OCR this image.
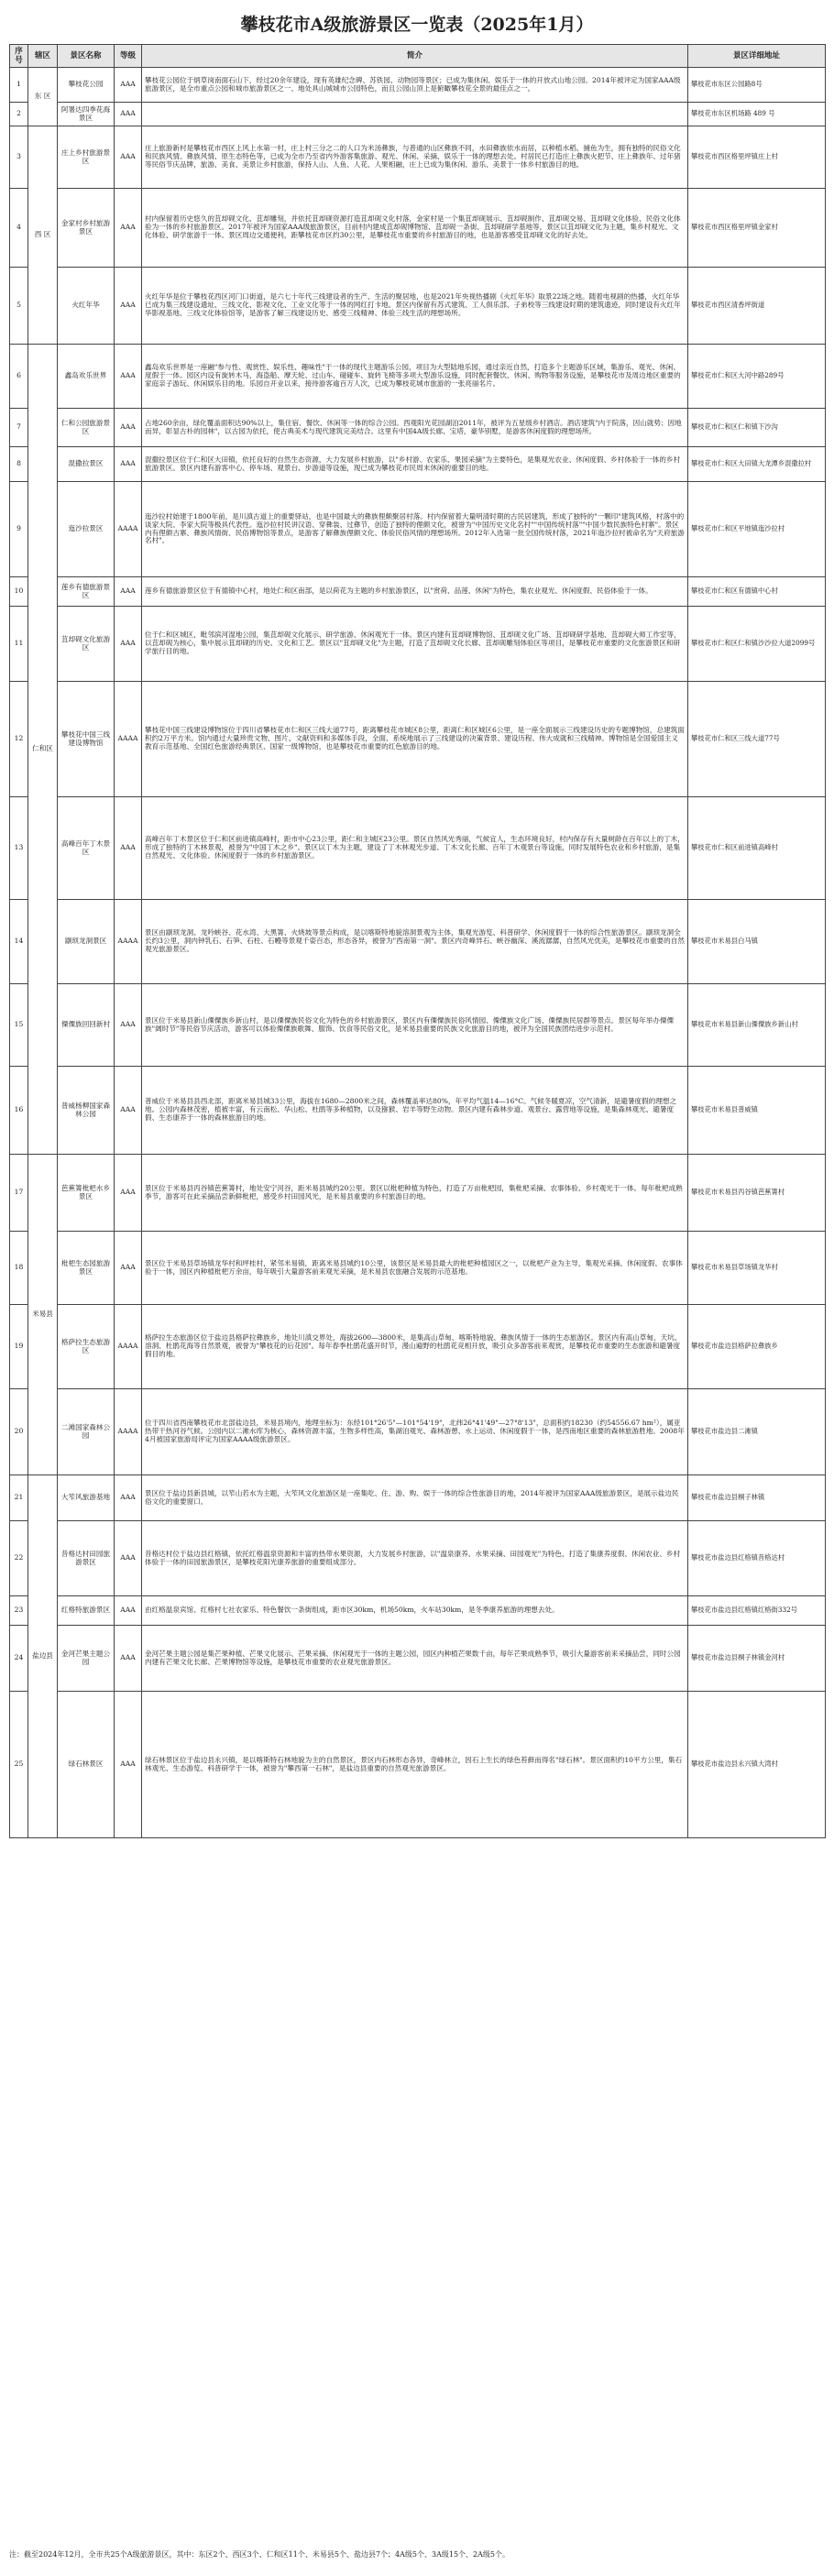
攀枝花市A级旅游景区一览表（2025年1月）
序号	辖区	景区名称	等级	简介	景区详细地址
1	东 区	攀枝花公园	AAA	攀枝花公园位于炳草岗南面石山下，经过20余年建设，现有英雄纪念碑、苏铁园、动物园等景区；已成为集休闲、娱乐于一体的开放式山地公园。2014年被评定为国家AAA级旅游景区，是全市重点公园和城市旅游景区之一、地处具山城城市公园特色，而且公园山顶上是俯瞰攀枝花全景的最佳点之一。	攀枝花市东区公园路8号
2		阿署达四季花海景区	AAA		攀枝花市东区机场路 489 号
3	西 区	庄上乡村旅游景区	AAA	庄上旅游新村是攀枝花市西区上风上水第一村，庄上村三分之二的人口为米汤彝族，与普通的山区彝族不同，水田彝族依水而居，以种植水稻、捕鱼为生，拥有独特的民俗文化和民族风情。彝族风情、原生态特色等，已成为全市乃至省内外游客集旅游、观光、休闲、采摘、娱乐于一体的理想去处。村居民已打造庄上彝族火把节、庄上彝族年、过年猪等民俗节庆品牌，旅游、美食、美景让乡村旅游，保持人山、人鱼、人花、人果相融，庄上已成为集休闲、游乐、美景于一体乡村旅游目的地。	攀枝花市西区格里坪镇庄上村
4		金家村乡村旅游景区	AAA	村内保留着历史悠久的苴却砚文化、苴却雕刻，并依托苴却砚资源打造苴却砚文化村落，金家村是一个集苴却砚展示、苴却砚制作、苴却砚交易、苴却砚文化体验、民俗文化体验为一体的乡村旅游景区。2017年被评为国家AAA级旅游景区，目前村内建成苴却砚博物馆、苴却砚一条街、苴却砚研学基地等，景区以苴却砚文化为主题，集乡村观光、文化体验、研学旅游于一体。景区周边交通便利，距攀枝花市区约30公里，是攀枝花市重要的乡村旅游目的地，也是游客感受苴却砚文化的好去处。	攀枝花市西区格里坪镇金家村
5		火红年华	AAA	火红年华是位于攀枝花西区河门口街道，是六七十年代三线建设者的生产、生活的聚居地，也是2021年央视热播剧《火红年华》取景22场之地。随着电视剧的热播，火红年华已成为集三线建设遗址、三线文化、影视文化、工业文化等于一体的网红打卡地。景区内保留有苏式建筑、工人俱乐部、子弟校等三线建设时期的建筑遗迹，同时建设有火红年华影视基地、三线文化体验馆等，是游客了解三线建设历史、感受三线精神、体验三线生活的理想场所。	攀枝花市西区清香坪街道
6	仁和区	鑫岛欢乐世界	AAA	鑫岛欢乐世界是一座融"参与性、观赏性、娱乐性、趣味性"于一体的现代主题游乐公园，项目为大型陆地乐园，通过亲近自然，打造多个主题游乐区域，集游乐、观光、休闲、度假于一体。园区内设有旋转木马、海盗船、摩天轮、过山车、碰碰车、旋转飞椅等多项大型游乐设施，同时配套餐饮、休闲、购物等服务设施，是攀枝花市及周边地区重要的家庭亲子游玩、休闲娱乐目的地。乐园自开业以来，接待游客逾百万人次，已成为攀枝花城市旅游的一张亮丽名片。	攀枝花市仁和区大河中路289号
7		仁和公园旅游景区	AAA	占地260余亩，绿化覆盖面积达90%以上，集住宿、餐饮、休闲等一体的综合公园。西观阳光花园湖泊2011年，被评为五星级乡村酒店。酒店建筑"内于院落，因山就势；因地而异，彰显古朴的园林"，以古园为依托，使古典美术与现代建筑完美结合。这里有中国4A级长廊、宝塔，豪华别墅，是游客休闲度假的理想场所。	攀枝花市仁和区仁和镇下沙沟
8		混撒拉景区	AAA	混撒拉景区位于仁和区大田镇，依托良好的自然生态资源，大力发展乡村旅游，以"乡村游、农家乐、果园采摘"为主要特色，是集观光农业、休闲度假、乡村体验于一体的乡村旅游景区。景区内建有游客中心、停车场、观景台、步游道等设施，现已成为攀枝花市民周末休闲的重要目的地。	攀枝花市仁和区大田镇大龙潭乡混撒拉村
9		迤沙拉景区	AAAA	迤沙拉村始建于1800年前，是川滇古道上的重要驿站，也是中国最大的彝族俚颇聚居村落。村内保留着大量明清时期的古民居建筑，形成了独特的"一颗印"建筑风格，村落中的谈家大院、李家大院等极具代表性。迤沙拉村民讲汉语、穿彝装、过彝节，创造了独特的俚颇文化，被誉为"中国历史文化名村""中国传统村落""中国少数民族特色村寨"。景区内有俚颇古寨、彝族风情街、民俗博物馆等景点，是游客了解彝族俚颇文化、体验民俗风情的理想场所。2012年入选第一批全国传统村落，2021年迤沙拉村被命名为"天府旅游名村"。	攀枝花市仁和区平地镇迤沙拉村
10		莲乡有德旅游景区	AAA	莲乡有德旅游景区位于有德镇中心村，地处仁和区南部，是以荷花为主题的乡村旅游景区，以"赏荷、品莲、休闲"为特色，集农业观光、休闲度假、民俗体验于一体。	攀枝花市仁和区有德镇中心村
11		苴却砚文化旅游区	AAA	位于仁和区城区，毗邻滨河湿地公园，集苴却砚文化展示、研学旅游、休闲观光于一体。景区内建有苴却砚博物馆、苴却砚文化广场、苴却砚研学基地、苴却砚大师工作室等，以苴却砚为核心，集中展示苴却砚的历史、文化和工艺。景区以"苴却砚文化"为主题，打造了苴却砚文化长廊、苴却砚雕刻体验区等项目，是攀枝花市重要的文化旅游景区和研学旅行目的地。	攀枝花市仁和区仁和镇沙沙拉大道2099号
12		攀枝花中国三线建设博物馆	AAAA	攀枝花中国三线建设博物馆位于四川省攀枝花市仁和区三线大道77号，距离攀枝花市城区8公里，距离仁和区城区6公里，是一座全面展示三线建设历史的专题博物馆，总建筑面积约2万平方米。馆内通过大量珍贵文物、图片、文献资料和多媒体手段，全面、系统地展示了三线建设的决策背景、建设历程、伟大成就和三线精神。博物馆是全国爱国主义教育示范基地、全国红色旅游经典景区、国家一级博物馆，也是攀枝花市重要的红色旅游目的地。	攀枝花市仁和区三线大道77号
13		高峰百年丁木景区	AAA	高峰百年丁木景区位于仁和区前进镇高峰村，距市中心23公里，距仁和主城区23公里。景区自然风光秀丽，气候宜人，生态环境良好，村内保存有大量树龄在百年以上的丁木，形成了独特的丁木林景观，被誉为"中国丁木之乡"。景区以丁木为主题，建设了丁木林观光步道、丁木文化长廊、百年丁木观景台等设施，同时发展特色农业和乡村旅游，是集自然观光、文化体验、休闲度假于一体的乡村旅游景区。	攀枝花市仁和区前进镇高峰村
14		颛顼龙洞景区	AAAA	景区由颛顼龙洞、龙吟峡谷、花水湾、大黑箐、火烧坡等景点构成，是以喀斯特地貌溶洞景观为主体，集观光游览、科普研学、休闲度假于一体的综合性旅游景区。颛顼龙洞全长约3公里，洞内钟乳石、石笋、石柱、石幔等景观千姿百态，形态各异，被誉为"西南第一洞"。景区内奇峰异石、峡谷幽深、溪流潺潺，自然风光优美，是攀枝花市重要的自然观光旅游景区。	攀枝花市米易县白马镇
15		傈僳族回回新村	AAA	景区位于米易县新山傈僳族乡新山村，是以傈僳族民俗文化为特色的乡村旅游景区，景区内有傈僳族民俗风情园、傈僳族文化广场、傈僳族民居群等景点。景区每年举办傈僳族"阔时节"等民俗节庆活动，游客可以体验傈僳族歌舞、服饰、饮食等民俗文化，是米易县重要的民族文化旅游目的地，被评为全国民族团结进步示范村。	攀枝花市米易县新山傈僳族乡新山村
16		普威杨柳国家森林公园	AAA	普威位于米易县县西北部，距离米易县城33公里，海拔在1680—2800米之间，森林覆盖率达80%，年平均气温14—16°C。气候冬暖夏凉，空气清新，是避暑度假的理想之地。公园内森林茂密，植被丰富，有云南松、华山松、杜鹃等多种植物，以及猕猴、岩羊等野生动物。景区内建有森林步道、观景台、露营地等设施，是集森林观光、避暑度假、生态康养于一体的森林旅游目的地。	攀枝花市米易县普威镇
17	米易县	芭蕉箐枇杷水乡景区	AAA	景区位于米易县丙谷镇芭蕉箐村，地处安宁河谷，距米易县城约20公里。景区以枇杷种植为特色，打造了万亩枇杷园，集枇杷采摘、农事体验、乡村观光于一体。每年枇杷成熟季节，游客可在此采摘品尝新鲜枇杷，感受乡村田园风光，是米易县重要的乡村旅游目的地。	攀枝花市米易县丙谷镇芭蕉箐村
18		枇杷生态园旅游景区	AAA	景区位于米易县草场镇龙华村和坪桂村，紧邻米易镇，距离米易县城约10公里，该景区是米易县最大的枇杷种植园区之一，以枇杷产业为主导，集观光采摘、休闲度假、农事体验于一体，园区内种植枇杷万余亩，每年吸引大量游客前来观光采摘，是米易县农旅融合发展的示范基地。	攀枝花市米易县草场镇龙华村
19		格萨拉生态旅游区	AAAA	格萨拉生态旅游区位于盐边县格萨拉彝族乡，地处川滇交界处，海拔2600—3800米，是集高山草甸、喀斯特地貌、彝族风情于一体的生态旅游区。景区内有高山草甸、天坑、溶洞、杜鹃花海等自然景观，被誉为"攀枝花的后花园"。每年春季杜鹃花盛开时节，漫山遍野的杜鹃花竞相开放，吸引众多游客前来观赏，是攀枝花市重要的生态旅游和避暑度假目的地。	攀枝花市盐边县格萨拉彝族乡
20		二滩国家森林公园	AAAA	位于四川省西南攀枝花市北部盐边县，米易县境内，地理坐标为：东经101°26'5"—101°54'19"，北纬26°41'49"—27°8'13"，总面积约18230（约54556.67 hm²），属亚热带干热河谷气候。公园内以二滩水库为核心，森林资源丰富，生物多样性高，集湖泊观光、森林游憩、水上运动、休闲度假于一体，是西南地区重要的森林旅游胜地。2008年4月被国家旅游局评定为国家AAAA级旅游景区。	攀枝花市盐边县二滩镇
21	盐边县	大笮风旅游基地	AAA	景区位于盐边县新县城，以笮山若水为主题，大笮风文化旅游区是一座集吃、住、游、购、娱于一体的综合性旅游目的地，2014年被评为国家AAA级旅游景区，是展示盐边民俗文化的重要窗口。	攀枝花市盐边县桐子林镇
22		昔格达村田园旅游景区	AAA	昔格达村位于盐边县红格镇，依托红格温泉资源和丰富的热带水果资源，大力发展乡村旅游，以"温泉康养、水果采摘、田园观光"为特色，打造了集康养度假、休闲农业、乡村体验于一体的田园旅游景区，是攀枝花阳光康养旅游的重要组成部分。	攀枝花市盐边县红格镇昔格达村
23		红格特旅游景区	AAA	由红格温泉宾馆、红格村七社农家乐、特色餐饮一条街组成，距市区30km，机场50km，火车站30km，是冬季康养旅游的理想去处。	攀枝花市盐边县红格镇红格街332号
24		金河芒果主题公园	AAA	金河芒果主题公园是集芒果种植、芒果文化展示、芒果采摘、休闲观光于一体的主题公园，园区内种植芒果数千亩，每年芒果成熟季节，吸引大量游客前来采摘品尝，同时公园内建有芒果文化长廊、芒果博物馆等设施，是攀枝花市重要的农业观光旅游景区。	攀枝花市盐边县桐子林镇金河村
25		绿石林景区	AAA	绿石林景区位于盐边县永兴镇，是以喀斯特石林地貌为主的自然景区，景区内石林形态各异，奇峰林立，因石上生长的绿色苔藓而得名"绿石林"。景区面积约10平方公里，集石林观光、生态游览、科普研学于一体，被誉为"攀西第一石林"，是盐边县重要的自然观光旅游景区。	攀枝花市盐边县永兴镇大湾村
注：截至2024年12月，全市共25个A级旅游景区，其中：东区2个、西区3个、仁和区11个、米易县5个、盐边县7个；4A级5个、3A级15个、2A级5个。
